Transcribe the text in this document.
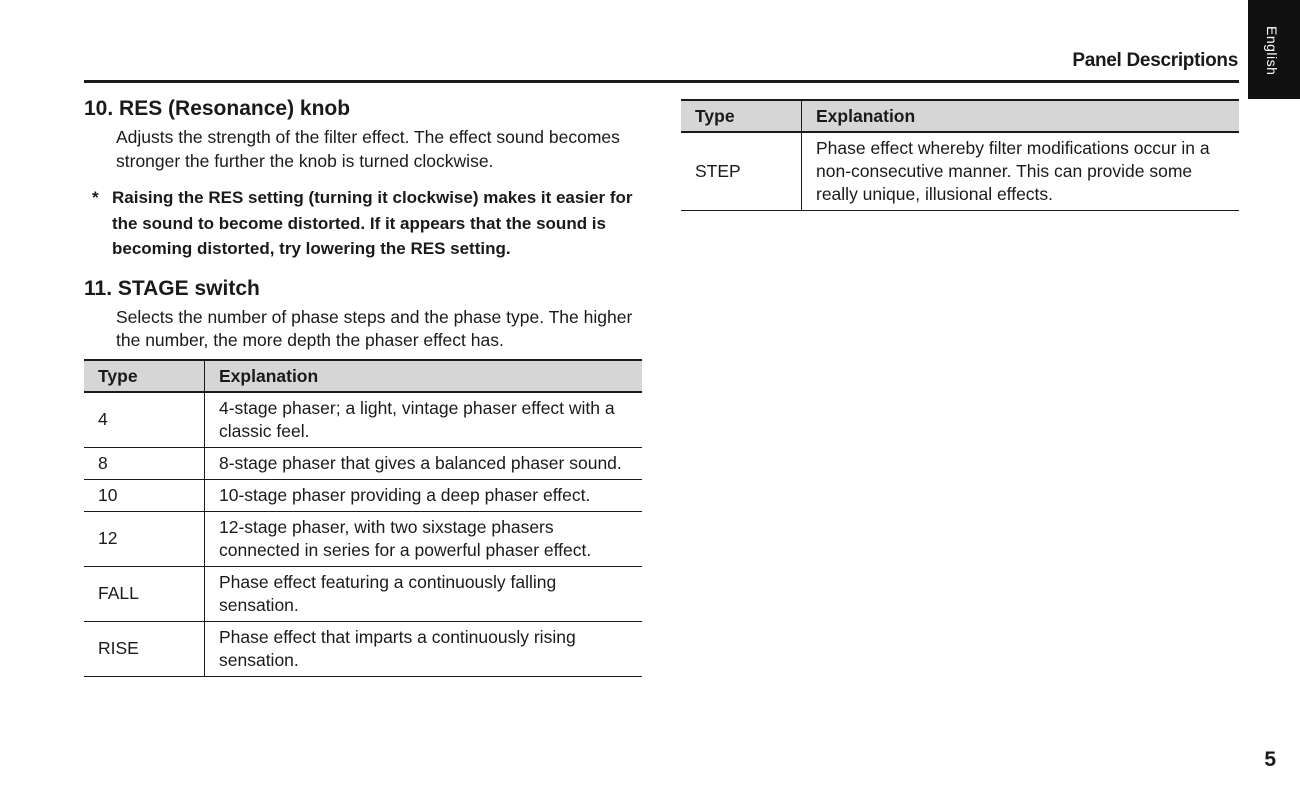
English
Panel Descriptions
10. RES (Resonance) knob

Adjusts the strength of the filter effect. The effect sound becomes stronger the further the knob is turned clockwise.

* Raising the RES setting (turning it clockwise) makes it easier for the sound to become distorted. If it appears that the sound is becoming distorted, try lowering the RES setting.
11. STAGE switch

Selects the number of phase steps and the phase type. The higher the number, the more depth the phaser effect has.

Type	Explanation
4	4-stage phaser; a light, vintage phaser effect with a classic feel.
8	8-stage phaser that gives a balanced phaser sound.
10	10-stage phaser providing a deep phaser effect.
12	12-stage phaser, with two sixstage phasers connected in series for a powerful phaser effect.
FALL	Phase effect featuring a continuously falling sensation.
RISE	Phase effect that imparts a continuously rising sensation.
Type	Explanation
STEP	Phase effect whereby filter modifications occur in a non-consecutive manner. This can provide some really unique, illusional effects.
5
